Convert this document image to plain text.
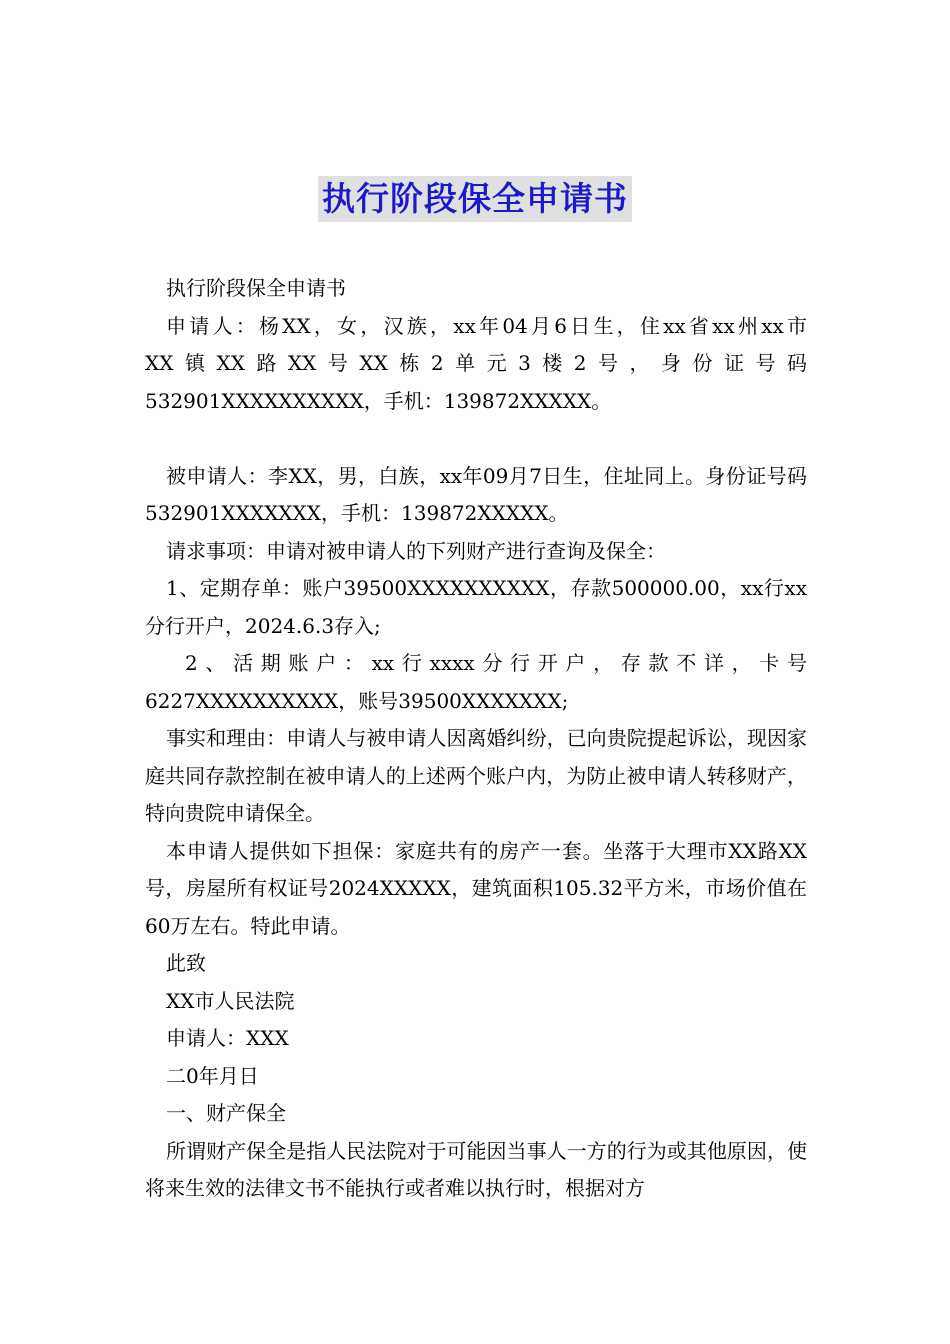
执行阶段保全申请书

执行阶段保全申请书

申请人：杨XX，女，汉族，xx年04月6日生，住xx省xx州xx市

XX镇XX路XX号XX栋2单元3楼2号，身份证号码

532901XXXXXXXXXX，手机：139872XXXXX。

被申请人：李XX，男，白族，xx年09月7日生，住址同上。身份证号码532901XXXXXXX，手机：139872XXXXX。

请求事项：申请对被申请人的下列财产进行查询及保全：

1、定期存单：账户39500XXXXXXXXXX，存款500000.00，xx行xx分行开户，2024.6.3存入;

2、活期账户：xx行xxxx分行开户，存款不详，卡号

6227XXXXXXXXXX，账号39500XXXXXXX;

事实和理由：申请人与被申请人因离婚纠纷，已向贵院提起诉讼，现因家庭共同存款控制在被申请人的上述两个账户内，为防止被申请人转移财产，特向贵院申请保全。

本申请人提供如下担保：家庭共有的房产一套。坐落于大理市XX路XX号，房屋所有权证号2024XXXXX，建筑面积105.32平方米，市场价值在60万左右。特此申请。

此致

XX市人民法院

申请人：XXX

二0年月日

一、财产保全

所谓财产保全是指人民法院对于可能因当事人一方的行为或其他原因，使将来生效的法律文书不能执行或者难以执行时，根据对方
